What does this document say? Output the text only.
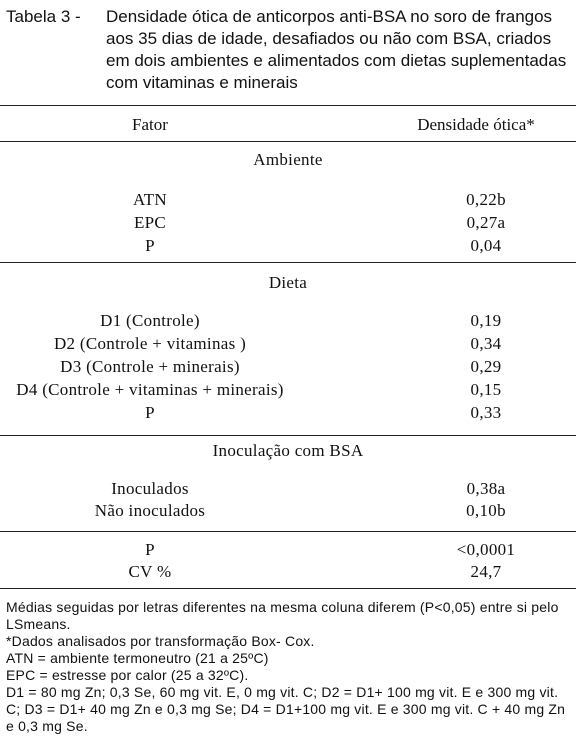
Tabela 3 - Densidade ótica de anticorpos anti-BSA no soro de frangos aos 35 dias de idade, desafiados ou não com BSA, criados em dois ambientes e alimentados com dietas suplementadas com vitaminas e minerais
Fator	Densidade ótica*
Ambiente
ATN	0,22b
EPC	0,27a
P	0,04
Dieta
D1 (Controle)	0,19
D2 (Controle + vitaminas )	0,34
D3 (Controle + minerais)	0,29
D4 (Controle + vitaminas + minerais)	0,15
P	0,33
Inoculação com BSA
Inoculados	0,38a
Não inoculados	0,10b
P	<0,0001
CV %	24,7

Médias seguidas por letras diferentes na mesma coluna diferem (P<0,05) entre si pelo LSmeans.

*Dados analisados por transformação Box- Cox.

ATN = ambiente termoneutro (21 a 25ºC)

EPC = estresse por calor (25 a 32ºC).

D1 = 80 mg Zn; 0,3 Se, 60 mg vit. E, 0 mg vit. C; D2 = D1+ 100 mg vit. E e 300 mg vit. C; D3 = D1+ 40 mg Zn e 0,3 mg Se; D4 = D1+100 mg vit. E e 300 mg vit. C + 40 mg Zn e 0,3 mg Se.
